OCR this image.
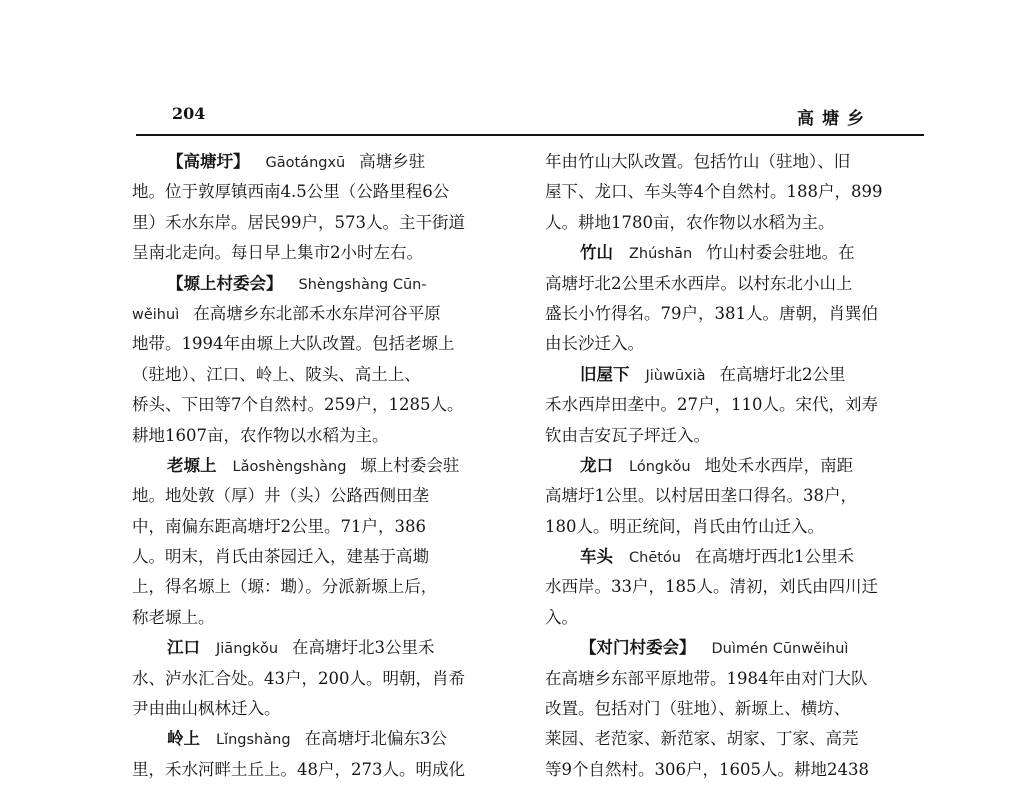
204	高塘乡
【高塘圩】 Gāotángxū 高塘乡驻
地。位于敦厚镇西南4.5公里（公路里程6公
里）禾水东岸。居民99户，573人。主干街道
呈南北走向。每日早上集市2小时左右。
【塬上村委会】 Shèngshàng Cūn-
wěihuì 在高塘乡东北部禾水东岸河谷平原
地带。1994年由塬上大队改置。包括老塬上
（驻地）、江口、岭上、陂头、高土上、
桥头、下田等7个自然村。259户，1285人。
耕地1607亩，农作物以水稻为主。
老塬上 Lǎoshèngshàng 塬上村委会驻
地。地处敦（厚）井（头）公路西侧田垄
中，南偏东距高塘圩2公里。71户，386
人。明末，肖氏由茶园迁入，建基于高墈
上，得名塬上（塬：墈）。分派新塬上后，
称老塬上。
江口 Jiāngkǒu 在高塘圩北3公里禾
水、泸水汇合处。43户，200人。明朝，肖希
尹由曲山枫林迁入。
岭上 Lǐngshàng 在高塘圩北偏东3公
里，禾水河畔土丘上。48户，273人。明成化
年由竹山大队改置。包括竹山（驻地）、旧
屋下、龙口、车头等4个自然村。188户，899
人。耕地1780亩，农作物以水稻为主。
竹山 Zhúshān 竹山村委会驻地。在
高塘圩北2公里禾水西岸。以村东北小山上
盛长小竹得名。79户，381人。唐朝，肖巽伯
由长沙迁入。
旧屋下 Jiùwūxià 在高塘圩北2公里
禾水西岸田垄中。27户，110人。宋代，刘寿
钦由吉安瓦子坪迁入。
龙口 Lóngkǒu 地处禾水西岸，南距
高塘圩1公里。以村居田垄口得名。38户，
180人。明正统间，肖氏由竹山迁入。
车头 Chētóu 在高塘圩西北1公里禾
水西岸。33户，185人。清初，刘氏由四川迁
入。
【对门村委会】 Duìmén Cūnwěihuì
在高塘乡东部平原地带。1984年由对门大队
改置。包括对门（驻地）、新塬上、横坊、
莱园、老范家、新范家、胡家、丁家、高芫
等9个自然村。306户，1605人。耕地2438
